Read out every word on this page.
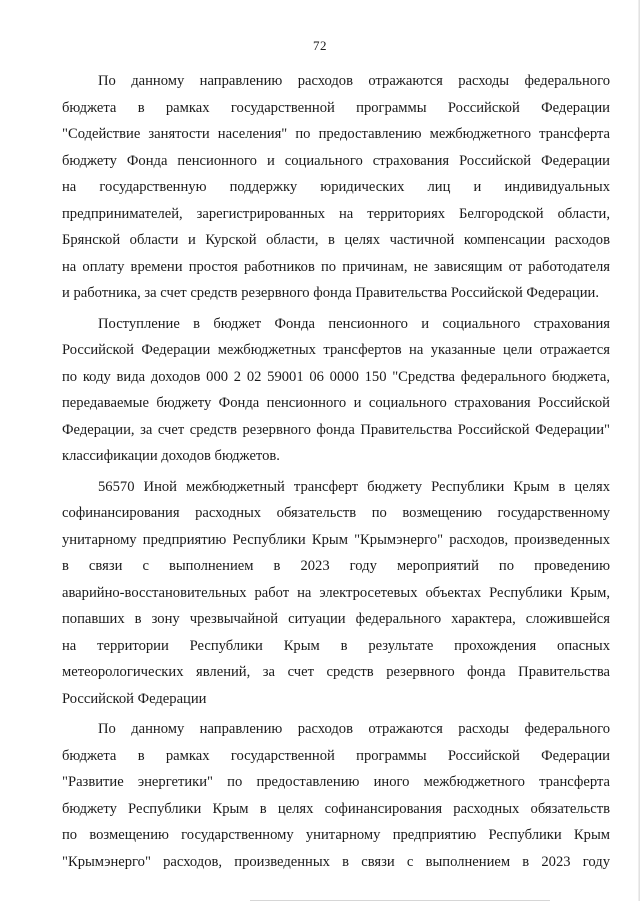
72
По данному направлению расходов отражаются расходы федерального
бюджета в рамках государственной программы Российской Федерации
"Содействие занятости населения" по предоставлению межбюджетного трансферта
бюджету Фонда пенсионного и социального страхования Российской Федерации
на государственную поддержку юридических лиц и индивидуальных
предпринимателей, зарегистрированных на территориях Белгородской области,
Брянской области и Курской области, в целях частичной компенсации расходов
на оплату времени простоя работников по причинам, не зависящим от работодателя
и работника, за счет средств резервного фонда Правительства Российской Федерации.
Поступление в бюджет Фонда пенсионного и социального страхования
Российской Федерации межбюджетных трансфертов на указанные цели отражается
по коду вида доходов 000 2 02 59001 06 0000 150 "Средства федерального бюджета,
передаваемые бюджету Фонда пенсионного и социального страхования Российской
Федерации, за счет средств резервного фонда Правительства Российской Федерации"
классификации доходов бюджетов.
56570 Иной межбюджетный трансферт бюджету Республики Крым в целях
софинансирования расходных обязательств по возмещению государственному
унитарному предприятию Республики Крым "Крымэнерго" расходов, произведенных
в связи с выполнением в 2023 году мероприятий по проведению
аварийно-восстановительных работ на электросетевых объектах Республики Крым,
попавших в зону чрезвычайной ситуации федерального характера, сложившейся
на территории Республики Крым в результате прохождения опасных
метеорологических явлений, за счет средств резервного фонда Правительства
Российской Федерации
По данному направлению расходов отражаются расходы федерального
бюджета в рамках государственной программы Российской Федерации
"Развитие энергетики" по предоставлению иного межбюджетного трансферта
бюджету Республики Крым в целях софинансирования расходных обязательств
по возмещению государственному унитарному предприятию Республики Крым
"Крымэнерго" расходов, произведенных в связи с выполнением в 2023 году
